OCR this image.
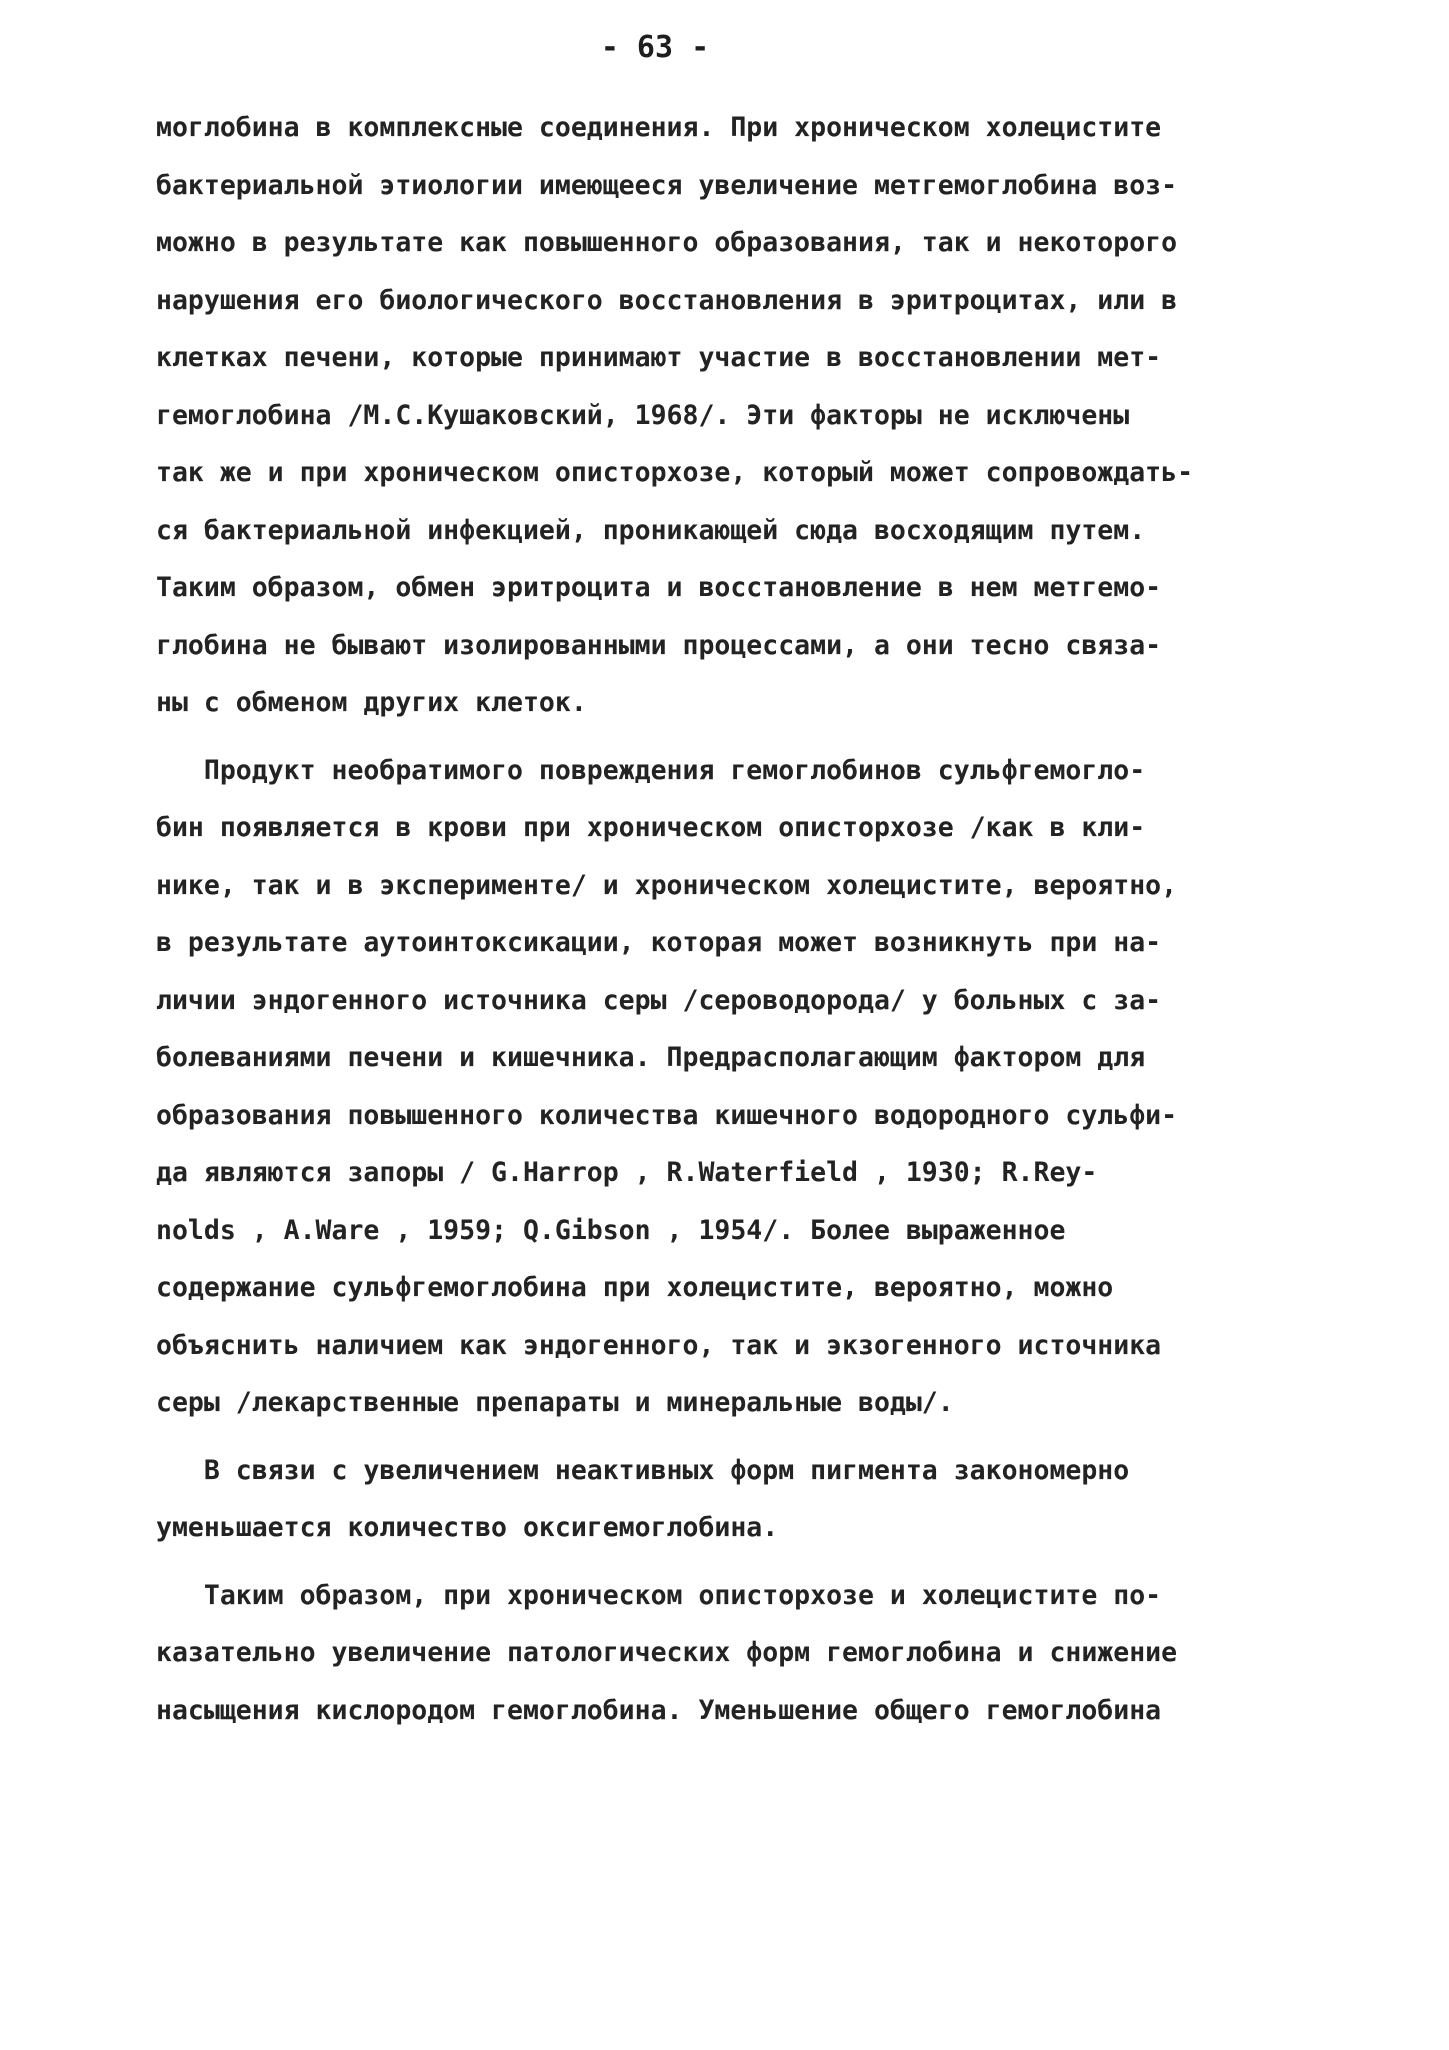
- 63 -
моглобина в комплексные соединения. При хроническом холецистите
бактериальной этиологии имеющееся увеличение метгемоглобина воз-
можно в результате как повышенного образования, так и некоторого
нарушения его биологического восстановления в эритроцитах, или в
клетках печени, которые принимают участие в восстановлении мет-
гемоглобина /М.С.Кушаковский, 1968/. Эти факторы не исключены
так же и при хроническом описторхозе, который может сопровождать-
ся бактериальной инфекцией, проникающей сюда восходящим путем.
Таким образом, обмен эритроцита и восстановление в нем метгемо-
глобина не бывают изолированными процессами, а они тесно связа-
ны с обменом других клеток.
Продукт необратимого повреждения гемоглобинов сульфгемогло-
бин появляется в крови при хроническом описторхозе /как в кли-
нике, так и в эксперименте/ и хроническом холецистите, вероятно,
в результате аутоинтоксикации, которая может возникнуть при на-
личии эндогенного источника серы /сероводорода/ у больных с за-
болеваниями печени и кишечника. Предрасполагающим фактором для
образования повышенного количества кишечного водородного сульфи-
да являются запоры / G.Harrop , R.Waterfield , 1930; R.Rey-
nolds , A.Ware , 1959; Q.Gibson , 1954/. Более выраженное
содержание сульфгемоглобина при холецистите, вероятно, можно
объяснить наличием как эндогенного, так и экзогенного источника
серы /лекарственные препараты и минеральные воды/.
В связи с увеличением неактивных форм пигмента закономерно
уменьшается количество оксигемоглобина.
Таким образом, при хроническом описторхозе и холецистите по-
казательно увеличение патологических форм гемоглобина и снижение
насыщения кислородом гемоглобина. Уменьшение общего гемоглобина
